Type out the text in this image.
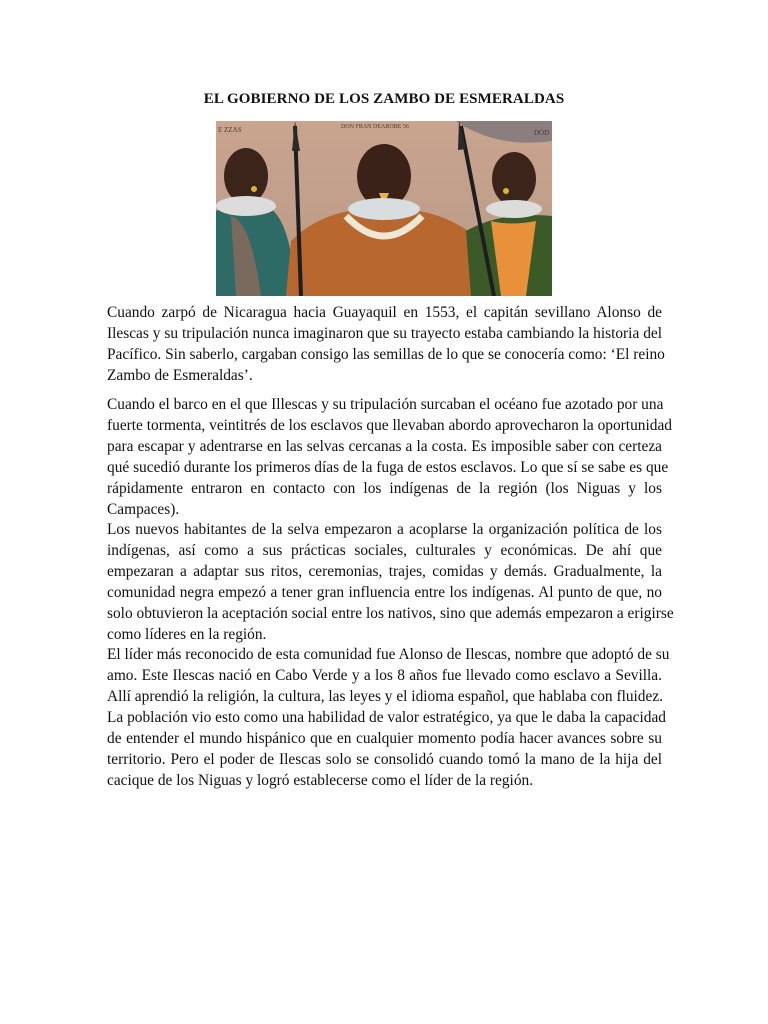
EL GOBIERNO DE LOS ZAMBO DE ESMERALDAS
E ZZAS	DON FRAN DEAROBE 56
DÓD
Cuando zarpó de Nicaragua hacia Guayaquil en 1553, el capitán sevillano Alonso de
Ilescas y su tripulación nunca imaginaron que su trayecto estaba cambiando la historia del
Pacífico. Sin saberlo, cargaban consigo las semillas de lo que se conocería como: ‘El reino
Zambo de Esmeraldas’.
Cuando el barco en el que Illescas y su tripulación surcaban el océano fue azotado por una
fuerte tormenta, veintitrés de los esclavos que llevaban abordo aprovecharon la oportunidad
para escapar y adentrarse en las selvas cercanas a la costa. Es imposible saber con certeza
qué sucedió durante los primeros días de la fuga de estos esclavos. Lo que sí se sabe es que
rápidamente entraron en contacto con los indígenas de la región (los Niguas y los
Campaces).
Los nuevos habitantes de la selva empezaron a acoplarse la organización política de los
indígenas, así como a sus prácticas sociales, culturales y económicas. De ahí que
empezaran a adaptar sus ritos, ceremonias, trajes, comidas y demás. Gradualmente, la
comunidad negra empezó a tener gran influencia entre los indígenas. Al punto de que, no
solo obtuvieron la aceptación social entre los nativos, sino que además empezaron a erigirse
como líderes en la región.
El líder más reconocido de esta comunidad fue Alonso de Ilescas, nombre que adoptó de su
amo. Este Ilescas nació en Cabo Verde y a los 8 años fue llevado como esclavo a Sevilla.
Allí aprendió la religión, la cultura, las leyes y el idioma español, que hablaba con fluidez.
La población vio esto como una habilidad de valor estratégico, ya que le daba la capacidad
de entender el mundo hispánico que en cualquier momento podía hacer avances sobre su
territorio. Pero el poder de Ilescas solo se consolidó cuando tomó la mano de la hija del
cacique de los Niguas y logró establecerse como el líder de la región.
